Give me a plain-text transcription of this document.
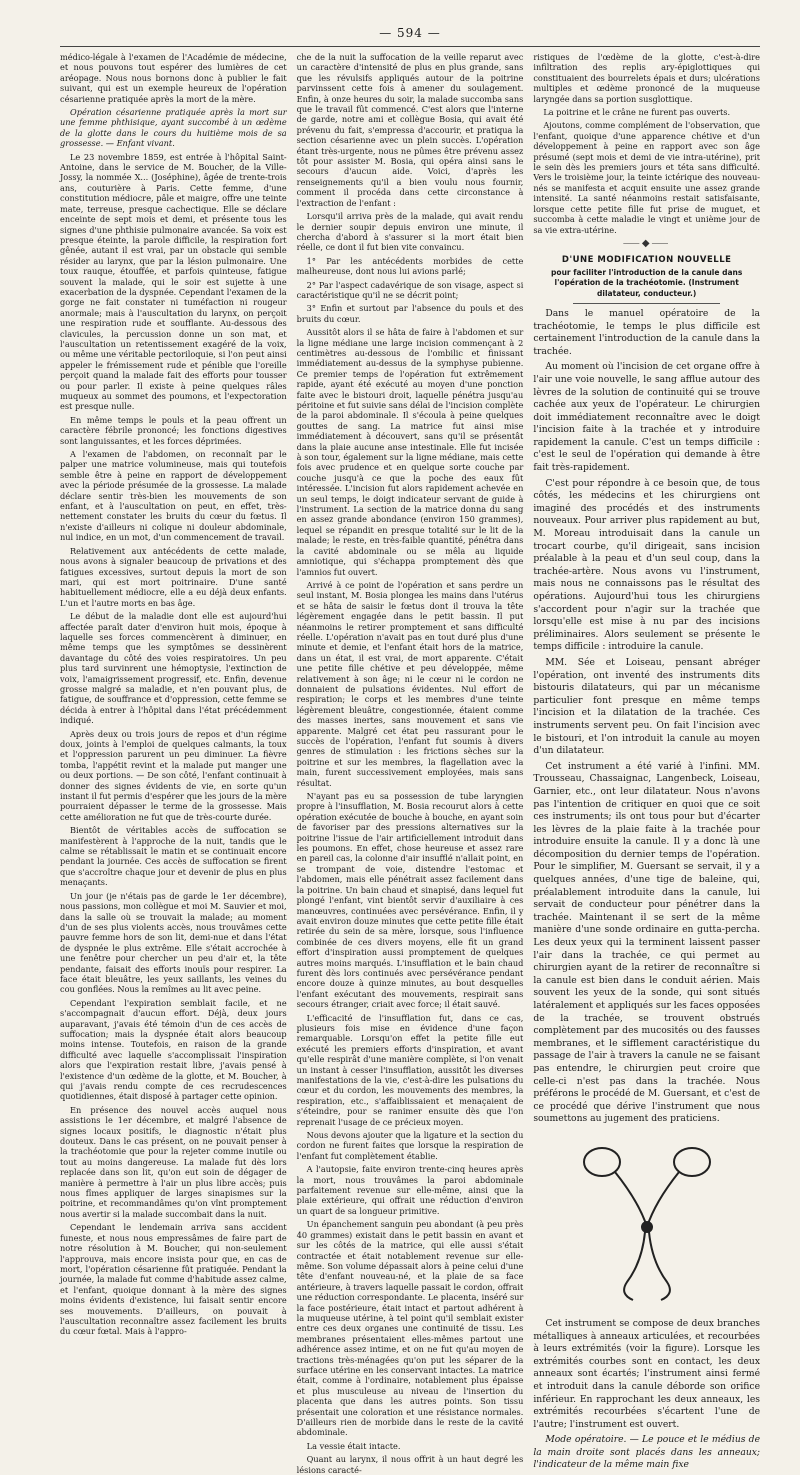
— 594 —

médico-légale à l'examen de l'Académie de médecine, et nous pouvons tout espérer des lumières de cet aréopage. Nous nous bornons donc à publier le fait suivant, qui est un exemple heureux de l'opération césarienne pratiquée après la mort de la mère.

Opération césarienne pratiquée après la mort sur une femme phthisique, ayant succombé à un œdème de la glotte dans le cours du huitième mois de sa grossesse. — Enfant vivant.

Le 23 novembre 1859, est entrée à l'hôpital Saint-Antoine, dans le service de M. Boucher, de la Ville-Jossy, la nommée X... (Joséphine), âgée de trente-trois ans, couturière à Paris. Cette femme, d'une constitution médiocre, pâle et maigre, offre une teinte mate, terreuse, presque cachectique. Elle se déclare enceinte de sept mois et demi, et présente tous les signes d'une phthisie pulmonaire avancée. Sa voix est presque éteinte, la parole difficile, la respiration fort gênée, autant il est vrai, par un obstacle qui semble résider au larynx, que par la lésion pulmonaire. Une toux rauque, étouffée, et parfois quinteuse, fatigue souvent la malade, qui le soir est sujette à une exacerbation de la dyspnée. Cependant l'examen de la gorge ne fait constater ni tuméfaction ni rougeur anormale; mais à l'auscultation du larynx, on perçoit une respiration rude et soufflante. Au-dessous des clavicules, la percussion donne un son mat, et l'auscultation un retentissement exagéré de la voix, ou même une véritable pectoriloquie, si l'on peut ainsi appeler le frémissement rude et pénible que l'oreille perçoit quand la malade fait des efforts pour tousser ou pour parler. Il existe à peine quelques râles muqueux au sommet des poumons, et l'expectoration est presque nulle.

En même temps le pouls et la peau offrent un caractère fébrile prononcé; les fonctions digestives sont languissantes, et les forces déprimées.

A l'examen de l'abdomen, on reconnaît par le palper une matrice volumineuse, mais qui toutefois semble être à peine en rapport de développement avec la période présumée de la grossesse. La malade déclare sentir très-bien les mouvements de son enfant, et à l'auscultation on peut, en effet, très-nettement constater les bruits du cœur du fœtus. Il n'existe d'ailleurs ni colique ni douleur abdominale, nul indice, en un mot, d'un commencement de travail.

Relativement aux antécédents de cette malade, nous avons à signaler beaucoup de privations et des fatigues excessives, surtout depuis la mort de son mari, qui est mort poitrinaire. D'une santé habituellement médiocre, elle a eu déjà deux enfants. L'un et l'autre morts en bas âge.

Le début de la maladie dont elle est aujourd'hui affectée paraît dater d'environ huit mois, époque à laquelle ses forces commencèrent à diminuer, en même temps que les symptômes se dessinèrent davantage du côté des voies respiratoires. Un peu plus tard survinrent une hémoptysie, l'extinction de voix, l'amaigrissement progressif, etc. Enfin, devenue grosse malgré sa maladie, et n'en pouvant plus, de fatigue, de souffrance et d'oppression, cette femme se décida à entrer à l'hôpital dans l'état précédemment indiqué.

Après deux ou trois jours de repos et d'un régime doux, joints à l'emploi de quelques calmants, la toux et l'oppression parurent un peu diminuer. La fièvre tomba, l'appétit revint et la malade put manger une ou deux portions. — De son côté, l'enfant continuait à donner des signes évidents de vie, en sorte qu'un instant il fut permis d'espérer que les jours de la mère pourraient dépasser le terme de la grossesse. Mais cette amélioration ne fut que de très-courte durée.

Bientôt de véritables accès de suffocation se manifestèrent à l'approche de la nuit, tandis que le calme se rétablissait le matin et se continuait encore pendant la journée. Ces accès de suffocation se firent que s'accroître chaque jour et devenir de plus en plus menaçants.

Un jour (je n'étais pas de garde le 1er décembre), nous passions, mon collègue et moi M. Sauvier et moi, dans la salle où se trouvait la malade; au moment d'un de ses plus violents accès, nous trouvâmes cette pauvre femme hors de son lit, demi-nue et dans l'état de dyspnée le plus extrême. Elle s'était accrochée à une fenêtre pour chercher un peu d'air et, la tête pendante, faisait des efforts inouïs pour respirer. La face était bleuâtre, les yeux saillants, les veines du cou gonflées. Nous la remîmes au lit avec peine.

Cependant l'expiration semblait facile, et ne s'accompagnait d'aucun effort. Déjà, deux jours auparavant, j'avais été témoin d'un de ces accès de suffocation; mais la dyspnée était alors beaucoup moins intense. Toutefois, en raison de la grande difficulté avec laquelle s'accomplissait l'inspiration alors que l'expiration restait libre, j'avais pensé à l'existence d'un œdème de la glotte, et M. Boucher, à qui j'avais rendu compte de ces recrudescences quotidiennes, était disposé à partager cette opinion.

En présence des nouvel accès auquel nous assistions le 1er décembre, et malgré l'absence de signes locaux positifs, le diagnostic n'était plus douteux. Dans le cas présent, on ne pouvait penser à la trachéotomie que pour la rejeter comme inutile ou tout au moins dangereuse. La malade fut dès lors replacée dans son lit, qu'on eut soin de dégager de manière à permettre à l'air un plus libre accès; puis nous fîmes appliquer de larges sinapismes sur la poitrine, et recommandâmes qu'on vînt promptement nous avertir si la malade succombait dans la nuit.

Cependant le lendemain arriva sans accident funeste, et nous nous empressâmes de faire part de notre résolution à M. Boucher, qui non-seulement l'approuva, mais encore insista pour que, en cas de mort, l'opération césarienne fût pratiquée. Pendant la journée, la malade fut comme d'habitude assez calme, et l'enfant, quoique donnant à la mère des signes moins évidents d'existence, lui faisait sentir encore ses mouvements. D'ailleurs, on pouvait à l'auscultation reconnaître assez facilement les bruits du cœur fœtal. Mais à l'appro-

che de la nuit la suffocation de la veille reparut avec un caractère d'intensité de plus en plus grande, sans que les révulsifs appliqués autour de la poitrine parvinssent cette fois à amener du soulagement. Enfin, à onze heures du soir, la malade succomba sans que le travail fût commencé. C'est alors que l'interne de garde, notre ami et collègue Bosia, qui avait été prévenu du fait, s'empressa d'accourir, et pratiqua la section césarienne avec un plein succès. L'opération étant très-urgente, nous ne pûmes être prévenu assez tôt pour assister M. Bosia, qui opéra ainsi sans le secours d'aucun aide. Voici, d'après les renseignements qu'il a bien voulu nous fournir, comment il procéda dans cette circonstance à l'extraction de l'enfant :

Lorsqu'il arriva près de la malade, qui avait rendu le dernier soupir depuis environ une minute, il chercha d'abord à s'assurer si la mort était bien réelle, ce dont il fut bien vite convaincu.

1° Par les antécédents morbides de cette malheureuse, dont nous lui avions parlé;

2° Par l'aspect cadavérique de son visage, aspect si caractéristique qu'il ne se décrit point;

3° Enfin et surtout par l'absence du pouls et des bruits du cœur.

Aussitôt alors il se hâta de faire à l'abdomen et sur la ligne médiane une large incision commençant à 2 centimètres au-dessous de l'ombilic et finissant immédiatement au-dessus de la symphyse pubienne. Ce premier temps de l'opération fut extrêmement rapide, ayant été exécuté au moyen d'une ponction faite avec le bistouri droit, laquelle pénétra jusqu'au péritoine et fut suivie sans délai de l'incision complète de la paroi abdominale. Il s'écoula à peine quelques gouttes de sang. La matrice fut ainsi mise immédiatement à découvert, sans qu'il se présentât dans la plaie aucune anse intestinale. Elle fut incisée à son tour, également sur la ligne médiane, mais cette fois avec prudence et en quelque sorte couche par couche jusqu'à ce que la poche des eaux fût intéressée. L'incision fut alors rapidement achevée en un seul temps, le doigt indicateur servant de guide à l'instrument. La section de la matrice donna du sang en assez grande abondance (environ 150 grammes), lequel se répandit en presque totalité sur le lit de la malade; le reste, en très-faible quantité, pénétra dans la cavité abdominale ou se mêla au liquide amniotique, qui s'échappa promptement dès que l'amnios fut ouvert.

Arrivé à ce point de l'opération et sans perdre un seul instant, M. Bosia plongea les mains dans l'utérus et se hâta de saisir le fœtus dont il trouva la tête légèrement engagée dans le petit bassin. Il put néanmoins le retirer promptement et sans difficulté réelle. L'opération n'avait pas en tout duré plus d'une minute et demie, et l'enfant était hors de la matrice, dans un état, il est vrai, de mort apparente. C'était une petite fille chétive et peu développée, même relativement à son âge; ni le cœur ni le cordon ne donnaient de pulsations évidentes. Nul effort de respiration; le corps et les membres d'une teinte légèrement bleuâtre, congestionnée, étaient comme des masses inertes, sans mouvement et sans vie apparente. Malgré cet état peu rassurant pour le succès de l'opération, l'enfant fut soumis à divers genres de stimulation : les frictions sèches sur la poitrine et sur les membres, la flagellation avec la main, furent successivement employées, mais sans résultat.

N'ayant pas eu sa possession de tube laryngien propre à l'insufflation, M. Bosia recourut alors à cette opération exécutée de bouche à bouche, en ayant soin de favoriser par des pressions alternatives sur la poitrine l'issue de l'air artificiellement introduit dans les poumons. En effet, chose heureuse et assez rare en pareil cas, la colonne d'air insufflé n'allait point, en se trompant de voie, distendre l'estomac et l'abdomen, mais elle pénétrait assez facilement dans la poitrine. Un bain chaud et sinapisé, dans lequel fut plongé l'enfant, vint bientôt servir d'auxiliaire à ces manœuvres, continuées avec persévérance. Enfin, il y avait environ douze minutes que cette petite fille était retirée du sein de sa mère, lorsque, sous l'influence combinée de ces divers moyens, elle fit un grand effort d'inspiration aussi promptement de quelques autres moins marqués. L'insufflation et le bain chaud furent dès lors continués avec persévérance pendant encore douze à quinze minutes, au bout desquelles l'enfant exécutant des mouvements, respirait sans secours étranger, criait avec force; il était sauvé.

L'efficacité de l'insufflation fut, dans ce cas, plusieurs fois mise en évidence d'une façon remarquable. Lorsqu'on effet la petite fille eut exécuté les premiers efforts d'inspiration, et avant qu'elle respirât d'une manière complète, si l'on venait un instant à cesser l'insufflation, aussitôt les diverses manifestations de la vie, c'est-à-dire les pulsations du cœur et du cordon, les mouvements des membres, la respiration, etc., s'affaiblissaient et menaçaient de s'éteindre, pour se ranimer ensuite dès que l'on reprenait l'usage de ce précieux moyen.

Nous devons ajouter que la ligature et la section du cordon ne furent faites que lorsque la respiration de l'enfant fut complètement établie.

A l'autopsie, faite environ trente-cinq heures après la mort, nous trouvâmes la paroi abdominale parfaitement revenue sur elle-même, ainsi que la plaie extérieure, qui offrait une réduction d'environ un quart de sa longueur primitive.

Un épanchement sanguin peu abondant (à peu près 40 grammes) existait dans le petit bassin en avant et sur les côtés de la matrice, qui elle aussi s'était contractée et était notablement revenue sur elle-même. Son volume dépassait alors à peine celui d'une tête d'enfant nouveau-né, et la plaie de sa face antérieure, à travers laquelle passait le cordon, offrait une réduction correspondante. Le placenta, inséré sur la face postérieure, était intact et partout adhérent à la muqueuse utérine, à tel point qu'il semblait exister entre ces deux organes une continuité de tissu. Les membranes présentaient elles-mêmes partout une adhérence assez intime, et on ne fut qu'au moyen de tractions très-ménagées qu'on put les séparer de la surface utérine en les conservant intactes. La matrice était, comme à l'ordinaire, notablement plus épaisse et plus musculeuse au niveau de l'insertion du placenta que dans les autres points. Son tissu présentait une coloration et une résistance normales. D'ailleurs rien de morbide dans le reste de la cavité abdominale.

La vessie était intacte.

Quant au larynx, il nous offrit à un haut degré les lésions caracté-

ristiques de l'œdème de la glotte, c'est-à-dire infiltration des replis ary-épiglottiques qui constituaient des bourrelets épais et durs; ulcérations multiples et œdème prononcé de la muqueuse laryngée dans sa portion susglottique.

La poitrine et le crâne ne furent pas ouverts.

Ajoutons, comme complément de l'observation, que l'enfant, quoique d'une apparence chétive et d'un développement à peine en rapport avec son âge présumé (sept mois et demi de vie intra-utérine), prit le sein dès les premiers jours et téta sans difficulté. Vers le troisième jour, la teinte ictérique des nouveau-nés se manifesta et acquit ensuite une assez grande intensité. La santé néanmoins restait satisfaisante, lorsque cette petite fille fut prise de muguet, et succomba à cette maladie le vingt et unième jour de sa vie extra-utérine.

⸺◆⸺
D'UNE MODIFICATION NOUVELLE
pour faciliter l'introduction de la canule dans l'opération de la trachéotomie. (Instrument dilatateur, conducteur.)

Dans le manuel opératoire de la trachéotomie, le temps le plus difficile est certainement l'introduction de la canule dans la trachée.

Au moment où l'incision de cet organe offre à l'air une voie nouvelle, le sang afflue autour des lèvres de la solution de continuité qui se trouve cachée aux yeux de l'opérateur. Le chirurgien doit immédiatement reconnaître avec le doigt l'incision faite à la trachée et y introduire rapidement la canule. C'est un temps difficile : c'est le seul de l'opération qui demande à être fait très-rapidement.

C'est pour répondre à ce besoin que, de tous côtés, les médecins et les chirurgiens ont imaginé des procédés et des instruments nouveaux. Pour arriver plus rapidement au but, M. Moreau introduisait dans la canule un trocart courbe, qu'il dirigeait, sans incision préalable à la peau et d'un seul coup, dans la trachée-artère. Nous avons vu l'instrument, mais nous ne connaissons pas le résultat des opérations. Aujourd'hui tous les chirurgiens s'accordent pour n'agir sur la trachée que lorsqu'elle est mise à nu par des incisions préliminaires. Alors seulement se présente le temps difficile : introduire la canule.

MM. Sée et Loiseau, pensant abréger l'opération, ont inventé des instruments dits bistouris dilatateurs, qui par un mécanisme particulier font presque en même temps l'incision et la dilatation de la trachée. Ces instruments servent peu. On fait l'incision avec le bistouri, et l'on introduit la canule au moyen d'un dilatateur.

Cet instrument a été varié à l'infini. MM. Trousseau, Chassaignac, Langenbeck, Loiseau, Garnier, etc., ont leur dilatateur. Nous n'avons pas l'intention de critiquer en quoi que ce soit ces instruments; ils ont tous pour but d'écarter les lèvres de la plaie faite à la trachée pour introduire ensuite la canule. Il y a donc là une décomposition du dernier temps de l'opération. Pour le simplifier, M. Guersant se servait, il y a quelques années, d'une tige de baleine, qui, préalablement introduite dans la canule, lui servait de conducteur pour pénétrer dans la trachée. Maintenant il se sert de la même manière d'une sonde ordinaire en gutta-percha. Les deux yeux qui la terminent laissent passer l'air dans la trachée, ce qui permet au chirurgien ayant de la retirer de reconnaître si la canule est bien dans le conduit aérien. Mais souvent les yeux de la sonde, qui sont situés latéralement et appliqués sur les faces opposées de la trachée, se trouvent obstrués complètement par des mucosités ou des fausses membranes, et le sifflement caractéristique du passage de l'air à travers la canule ne se faisant pas entendre, le chirurgien peut croire que celle-ci n'est pas dans la trachée. Nous préférons le procédé de M. Guersant, et c'est de ce procédé que dérive l'instrument que nous soumettons au jugement des praticiens.

Cet instrument se compose de deux branches métalliques à anneaux articulées, et recourbées à leurs extrémités (voir la figure). Lorsque les extrémités courbes sont en contact, les deux anneaux sont écartés; l'instrument ainsi fermé et introduit dans la canule déborde son orifice inférieur. En rapprochant les deux anneaux, les extrémités recourbées s'écartent l'une de l'autre; l'instrument est ouvert.

Mode opératoire. — Le pouce et le médius de la main droite sont placés dans les anneaux; l'indicateur de la même main fixe
